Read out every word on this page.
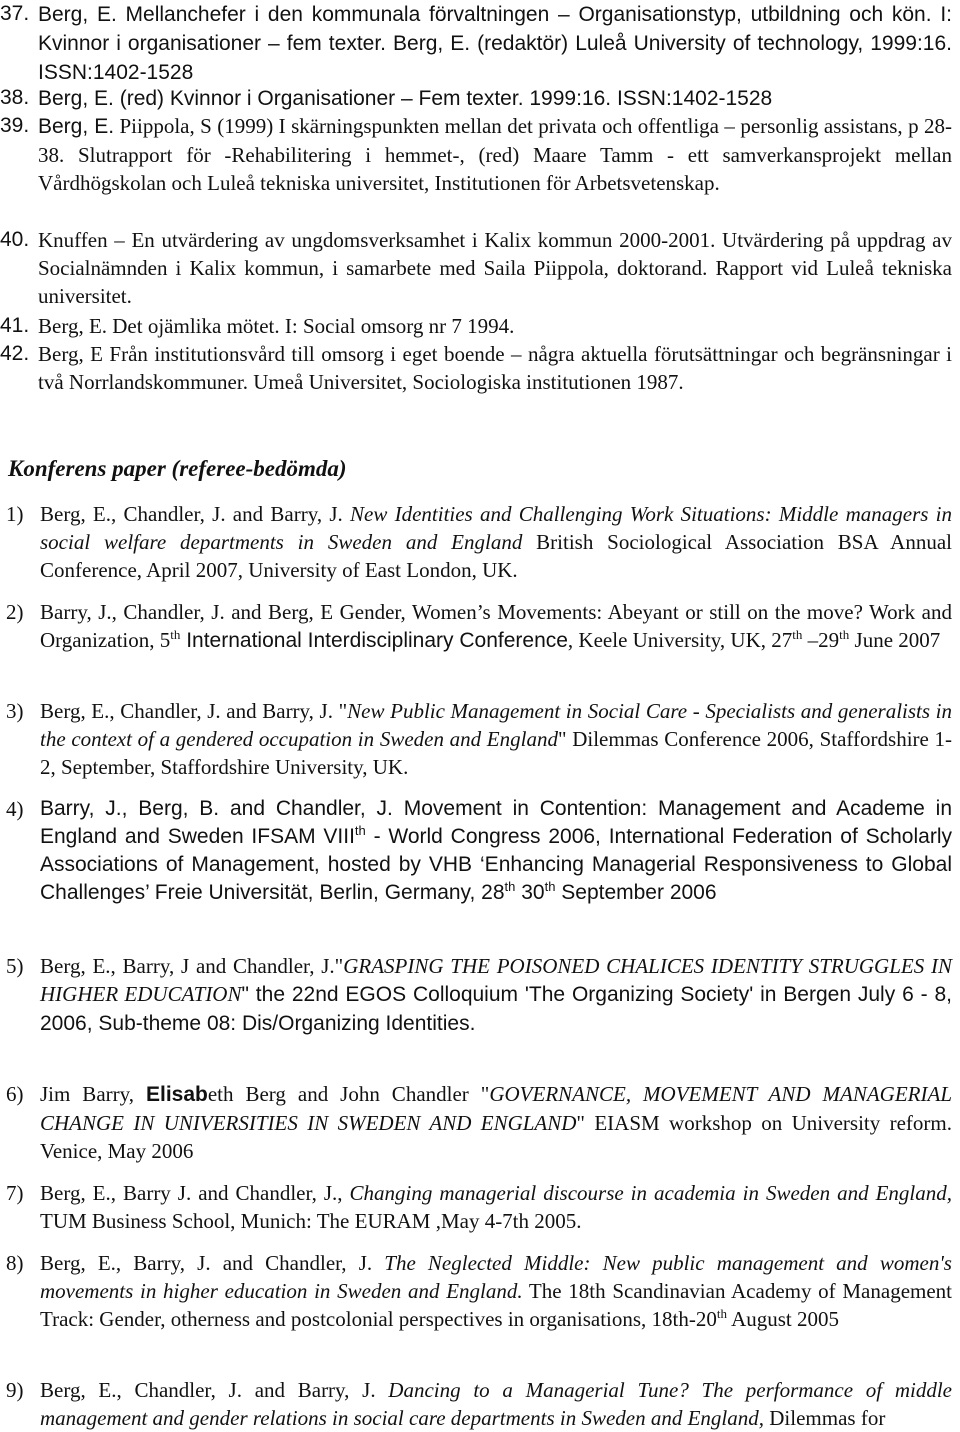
37. Berg, E. Mellanchefer i den kommunala förvaltningen – Organisationstyp, utbildning och kön. I: Kvinnor i organisationer – fem texter. Berg, E. (redaktör) Luleå University of technology, 1999:16. ISSN:1402-1528

38. Berg, E. (red) Kvinnor i Organisationer – Fem texter. 1999:16. ISSN:1402-1528

39. Berg, E. Piippola, S (1999) I skärningspunkten mellan det privata och offentliga – personlig assistans, p 28-38. Slutrapport för -Rehabilitering i hemmet-, (red) Maare Tamm - ett samverkansprojekt mellan Vårdhögskolan och Luleå tekniska universitet, Institutionen för Arbetsvetenskap.

40. Knuffen – En utvärdering av ungdomsverksamhet i Kalix kommun 2000-2001. Utvärdering på uppdrag av Socialnämnden i Kalix kommun, i samarbete med Saila Piippola, doktorand. Rapport vid Luleå tekniska universitet.

41. Berg, E. Det ojämlika mötet. I: Social omsorg nr 7 1994.

42. Berg, E Från institutionsvård till omsorg i eget boende – några aktuella förutsättningar och begränsningar i två Norrlandskommuner. Umeå Universitet, Sociologiska institutionen 1987.

Konferens paper (referee-bedömda)

1) Berg, E., Chandler, J. and Barry, J. New Identities and Challenging Work Situations: Middle managers in social welfare departments in Sweden and England British Sociological Association BSA Annual Conference, April 2007, University of East London, UK.

2) Barry, J., Chandler, J. and Berg, E Gender, Women’s Movements: Abeyant or still on the move? Work and Organization, 5th International Interdisciplinary Conference, Keele University, UK, 27th –29th June 2007

3) Berg, E., Chandler, J. and Barry, J. "New Public Management in Social Care - Specialists and generalists in the context of a gendered occupation in Sweden and England" Dilemmas Conference 2006, Staffordshire 1-2, September, Staffordshire University, UK.

4) Barry, J., Berg, B. and Chandler, J. Movement in Contention: Management and Academe in England and Sweden IFSAM VIIIth - World Congress 2006, International Federation of Scholarly Associations of Management, hosted by VHB ‘Enhancing Managerial Responsiveness to Global Challenges’ Freie Universität, Berlin, Germany, 28th 30th September 2006

5) Berg, E., Barry, J and Chandler, J."GRASPING THE POISONED CHALICES IDENTITY STRUGGLES IN HIGHER EDUCATION" the 22nd EGOS Colloquium 'The Organizing Society' in Bergen July 6 - 8, 2006, Sub-theme 08: Dis/Organizing Identities.

6) Jim Barry, Elisabeth Berg and John Chandler "GOVERNANCE, MOVEMENT AND MANAGERIAL CHANGE IN UNIVERSITIES IN SWEDEN AND ENGLAND" EIASM workshop on University reform. Venice, May 2006

7) Berg, E., Barry J. and Chandler, J., Changing managerial discourse in academia in Sweden and England, TUM Business School, Munich: The EURAM ,May 4-7th 2005.

8) Berg, E., Barry, J. and Chandler, J. The Neglected Middle: New public management and women's movements in higher education in Sweden and England. The 18th Scandinavian Academy of Management Track: Gender, otherness and postcolonial perspectives in organisations, 18th-20th August 2005

9) Berg, E., Chandler, J. and Barry, J. Dancing to a Managerial Tune? The performance of middle management and gender relations in social care departments in Sweden and England, Dilemmas for
